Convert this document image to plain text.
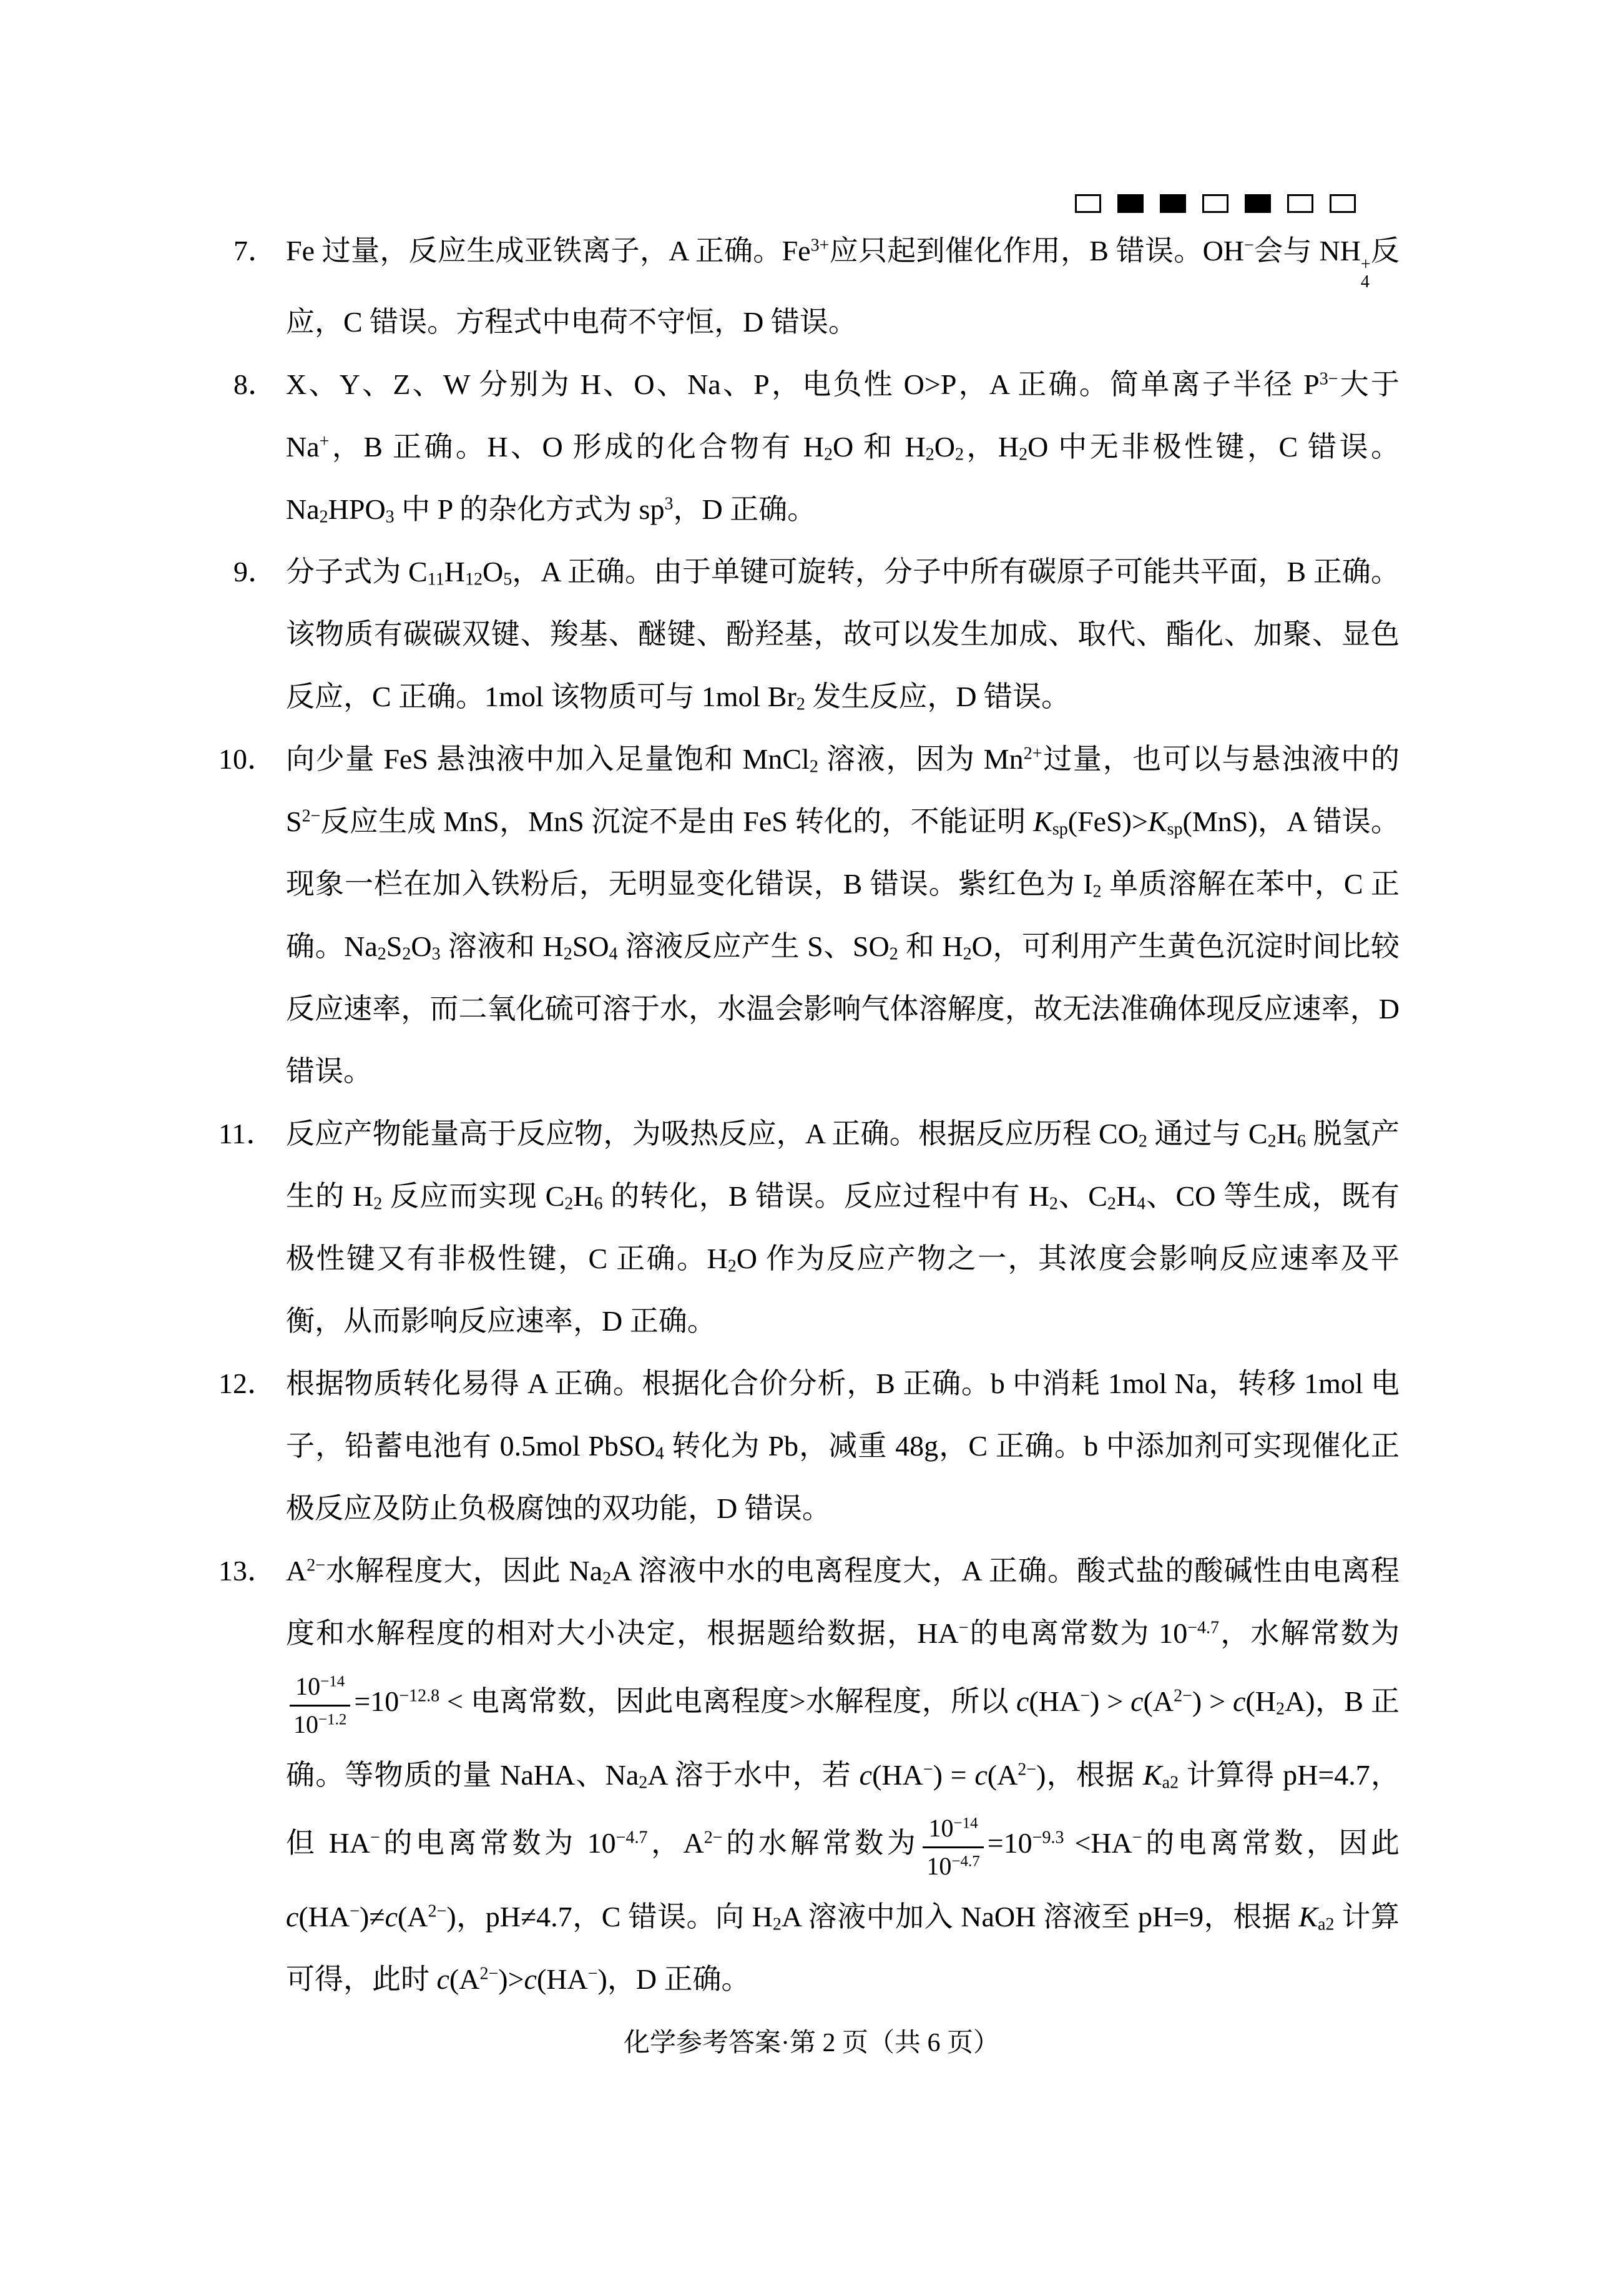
7． Fe 过量，反应生成亚铁离子，A 正确。$Fe^{3+}$应只起到催化作用，B 错误。OH−会与 NH +
4
反应，C 错误。方程式中电荷不守恒，D 错误。
8． X、Y、Z、W 分别为 H、O、Na、P，电负性 O>P，A 正确。简单离子半径 $P^{3-}$大于 Na+，B 正确。H、O 形成的化合物有 $H_2O$ 和 $H_2O_2$，$H_2O$ 中无非极性键，C 错误。$Na_2HPO_3$ 中 P 的杂化方式为 $sp^3$，D 正确。
9． 分子式为 $C_{11}H_{12}O_5$，A 正确。由于单键可旋转，分子中所有碳原子可能共平面，B 正确。该物质有碳碳双键、羧基、醚键、酚羟基，故可以发生加成、取代、酯化、加聚、显色反应，C 正确。1mol 该物质可与 1mol $Br_2$ 发生反应，D 错误。
10． 向少量 FeS 悬浊液中加入足量饱和 MnCl$_2$ 溶液，因为 $Mn^{2+}$过量，也可以与悬浊液中的 $S^{2-}$反应生成 MnS，MnS 沉淀不是由 FeS 转化的，不能证明 $K_{sp}(FeS)>K_{sp}(MnS)$，A 错误。现象一栏在加入铁粉后，无明显变化错误，B 错误。紫红色为 $I_2$ 单质溶解在苯中，C 正确。$Na_2S_2O_3$ 溶液和 $H_2SO_4$ 溶液反应产生 S、$SO_2$ 和 $H_2O$，可利用产生黄色沉淀时间比较反应速率，而二氧化硫可溶于水，水温会影响气体溶解度，故无法准确体现反应速率，D 错误。
11． 反应产物能量高于反应物，为吸热反应，A 正确。根据反应历程 $CO_2$ 通过与 $C_2H_6$ 脱氢产生的 $H_2$ 反应而实现 $C_2H_6$ 的转化，B 错误。反应过程中有 $H_2$、$C_2H_4$、CO 等生成，既有极性键又有非极性键，C 正确。$H_2O$ 作为反应产物之一，其浓度会影响反应速率及平衡，从而影响反应速率，D 正确。
12． 根据物质转化易得 A 正确。根据化合价分析，B 正确。b 中消耗 1mol Na，转移 1mol 电子，铅蓄电池有 0.5mol PbSO$_4$ 转化为 Pb，减重 48g，C 正确。b 中添加剂可实现催化正极反应及防止负极腐蚀的双功能，D 错误。
13． $A^{2-}$水解程度大，因此 $Na_2A$ 溶液中水的电离程度大，A 正确。酸式盐的酸碱性由电离程度和水解程度的相对大小决定，根据题给数据，HA−的电离常数为 $10^{-4.7}$，水解常数为
$\frac{10^{-14}}{10^{-1.2}} =10^{-12.8}$ < 电离常数，因此电离程度>水解程度，所以 $c(HA^-) > c(A^{2-}) > c(H_2A)$，B 正确。等物质的量 NaHA、$Na_2A$ 溶于水中，若 $c(HA^-) = c(A^{2-})$，根据 $K_{a2}$ 计算得 pH=4.7，但 HA−的电离常数为 $10^{-4.7}$，$A^{2-}$的水解常数为 $\frac{10^{-14}}{10^{-4.7}} =10^{-9.3} <HA^-$的电离常数，因此 $c(HA^-)\ne c(A^{2-})$，pH≠4.7，C 错误。向 $H_2A$ 溶液中加入 NaOH 溶液至 pH=9，根据 $K_{a2}$ 计算可得，此时 $c(A^{2-})>c(HA^-)$，D 正确。
化学参考答案·第 2 页（共 6 页）
